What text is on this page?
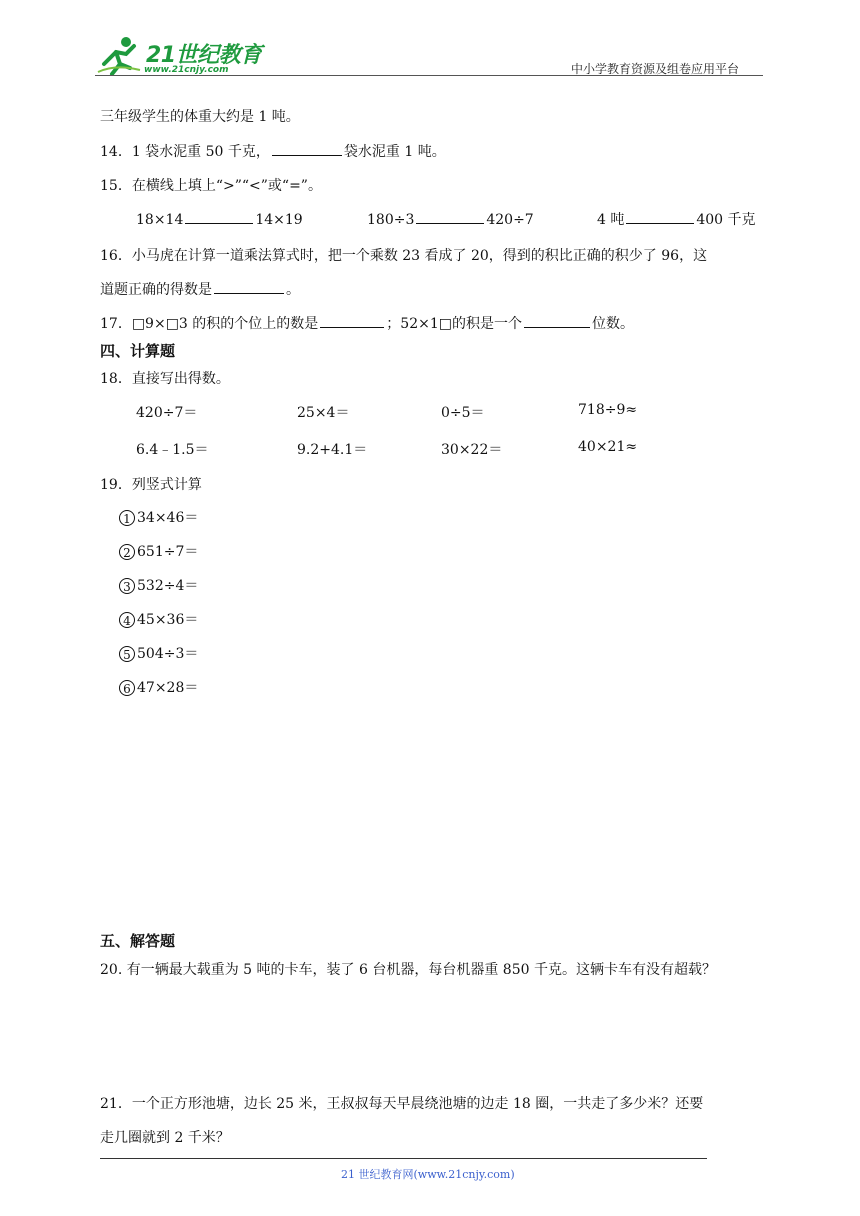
21世纪教育
www.21cnjy.com	中小学教育资源及组卷应用平台
三年级学生的体重大约是 1 吨。
14．1 袋水泥重 50 千克，	袋水泥重 1 吨。
15．在横线上填上“>”“<”或“=”。
18×14	14×19	180÷3	420÷7	4 吨	400 千克
16．小马虎在计算一道乘法算式时，把一个乘数 23 看成了 20，得到的积比正确的积少了 96，这
道题正确的得数是	。
17．□9×□3 的积的个位上的数是	；52×1□的积是一个	位数。
四、计算题
18．直接写出得数。
420÷7＝	25×4＝	0÷5＝	718÷9≈
6.4﹣1.5＝	9.2+4.1＝	30×22＝	40×21≈
19．列竖式计算
1 34×46＝
2 651÷7＝
3 532÷4＝
4 45×36＝
5 504÷3＝
6 47×28＝
五、解答题
20. 有一辆最大载重为 5 吨的卡车，装了 6 台机器，每台机器重 850 千克。这辆卡车有没有超载？
21．一个正方形池塘，边长 25 米，王叔叔每天早晨绕池塘的边走 18 圈，一共走了多少米？还要
走几圈就到 2 千米？
21 世纪教育网(www.21cnjy.com)
